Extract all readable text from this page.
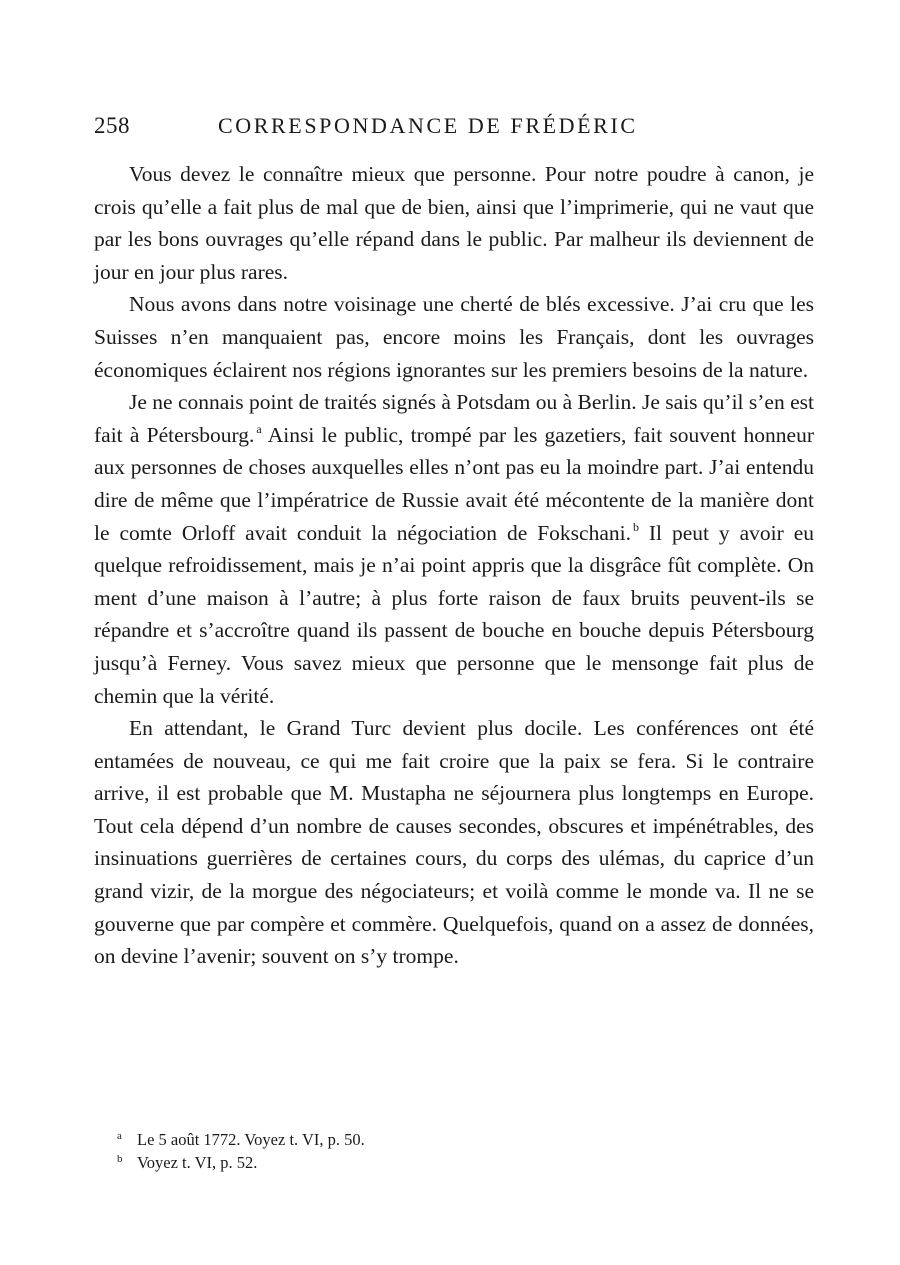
258	CORRESPONDANCE DE FRÉDÉRIC

Vous devez le connaître mieux que personne. Pour notre poudre à canon, je crois qu’elle a fait plus de mal que de bien, ainsi que l’imprimerie, qui ne vaut que par les bons ouvrages qu’elle répand dans le public. Par malheur ils deviennent de jour en jour plus rares.

Nous avons dans notre voisinage une cherté de blés excessive. J’ai cru que les Suisses n’en manquaient pas, encore moins les Français, dont les ouvrages économiques éclairent nos régions ignorantes sur les premiers besoins de la nature.

Je ne connais point de traités signés à Potsdam ou à Berlin. Je sais qu’il s’en est fait à Pétersbourg. $^a$ Ainsi le public, trompé par les gazetiers, fait souvent honneur aux personnes de choses auxquelles elles n’ont pas eu la moindre part. J’ai entendu dire de même que l’impératrice de Russie avait été mécontente de la manière dont le comte Orloff avait conduit la négociation de Fokschani. $^b$ Il peut y avoir eu quelque refroidissement, mais je n’ai point appris que la disgrâce fût complète. On ment d’une maison à l’autre; à plus forte raison de faux bruits peuvent-ils se répandre et s’accroître quand ils passent de bouche en bouche depuis Pétersbourg jusqu’à Ferney. Vous savez mieux que personne que le mensonge fait plus de chemin que la vérité.

En attendant, le Grand Turc devient plus docile. Les conférences ont été entamées de nouveau, ce qui me fait croire que la paix se fera. Si le contraire arrive, il est probable que M. Mustapha ne séjournera plus longtemps en Europe. Tout cela dépend d’un nombre de causes secondes, obscures et impénétrables, des insinuations guerrières de certaines cours, du corps des ulémas, du caprice d’un grand vizir, de la morgue des négociateurs; et voilà comme le monde va. Il ne se gouverne que par compère et commère. Quelquefois, quand on a assez de données, on devine l’avenir; souvent on s’y trompe.

a Le 5 août 1772. Voyez t. VI, p. 50.
b Voyez t. VI, p. 52.
